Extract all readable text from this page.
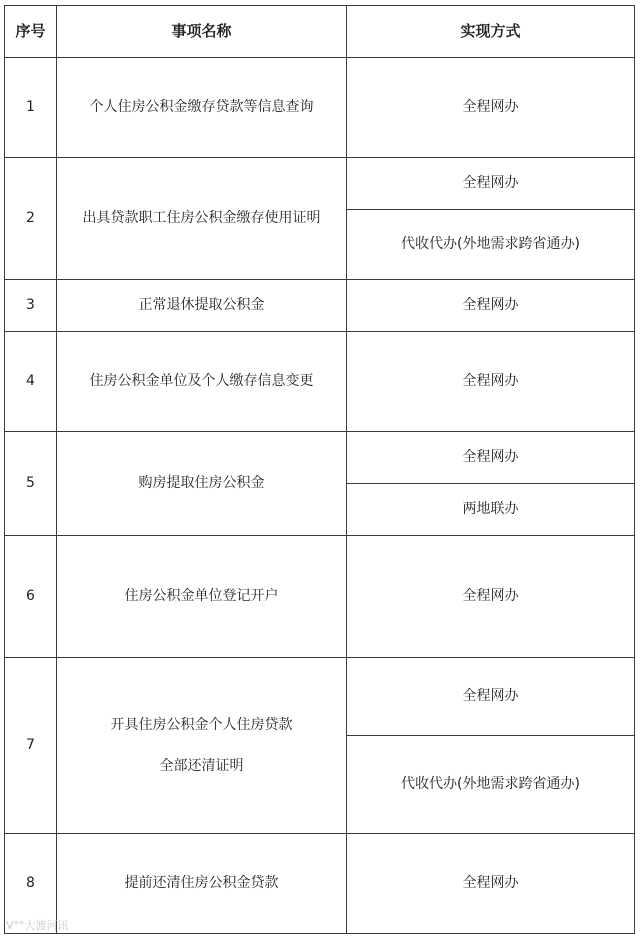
序号	事项名称	实现方式
1	个人住房公积金缴存贷款等信息查询	全程网办
2	出具贷款职工住房公积金缴存使用证明	全程网办
		代收代办(外地需求跨省通办)
3	正常退休提取公积金	全程网办
4	住房公积金单位及个人缴存信息变更	全程网办
5	购房提取住房公积金	全程网办
		两地联办
6	住房公积金单位登记开户	全程网办
7	开具住房公积金个人住房贷款
全部还清证明	全程网办
		代收代办(外地需求跨省通办)
8	提前还清住房公积金贷款	全程网办
V°°大渡河讯
